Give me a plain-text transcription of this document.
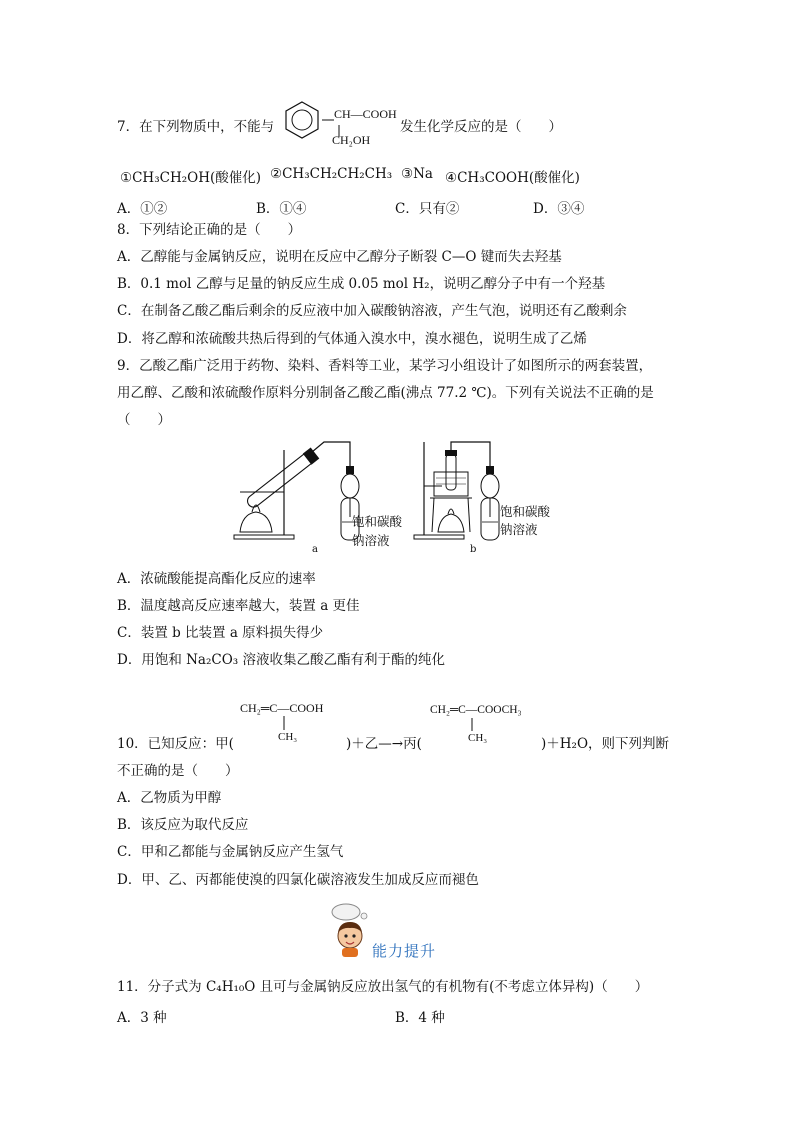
7．在下列物质中，不能与
CH—COOH
CH₂OH
发生化学反应的是（　　）
①CH₃CH₂OH(酸催化) ②CH₃CH₂CH₂CH₃ ③Na ④CH₃COOH(酸催化)
A．①②	B．①④	C．只有②	D．③④
8．下列结论正确的是（　　）
A．乙醇能与金属钠反应，说明在反应中乙醇分子断裂 C—O 键而失去羟基
B．0.1 mol 乙醇与足量的钠反应生成 0.05 mol H₂，说明乙醇分子中有一个羟基
C．在制备乙酸乙酯后剩余的反应液中加入碳酸钠溶液，产生气泡，说明还有乙酸剩余
D．将乙醇和浓硫酸共热后得到的气体通入溴水中，溴水褪色，说明生成了乙烯
9．乙酸乙酯广泛用于药物、染料、香料等工业，某学习小组设计了如图所示的两套装置，
用乙醇、乙酸和浓硫酸作原料分别制备乙酸乙酯(沸点 77.2 ℃)。下列有关说法不正确的是
（　　）
饱和碳酸
钠溶液
a
饱和碳酸
钠溶液
b
A．浓硫酸能提高酯化反应的速率
B．温度越高反应速率越大，装置 a 更佳
C．装置 b 比装置 a 原料损失得少
D．用饱和 Na₂CO₃ 溶液收集乙酸乙酯有利于酯的纯化
CH₂═C—COOH
CH₃
CH₂═C—COOCH₃
CH₃
10．已知反应：甲(	)＋乙—→丙(	)＋H₂O，则下列判断
不正确的是（　　）
A．乙物质为甲醇
B．该反应为取代反应
C．甲和乙都能与金属钠反应产生氢气
D．甲、乙、丙都能使溴的四氯化碳溶液发生加成反应而褪色
能力提升
11．分子式为 C₄H₁₀O 且可与金属钠反应放出氢气的有机物有(不考虑立体异构)（　　）
A．3 种	B．4 种
